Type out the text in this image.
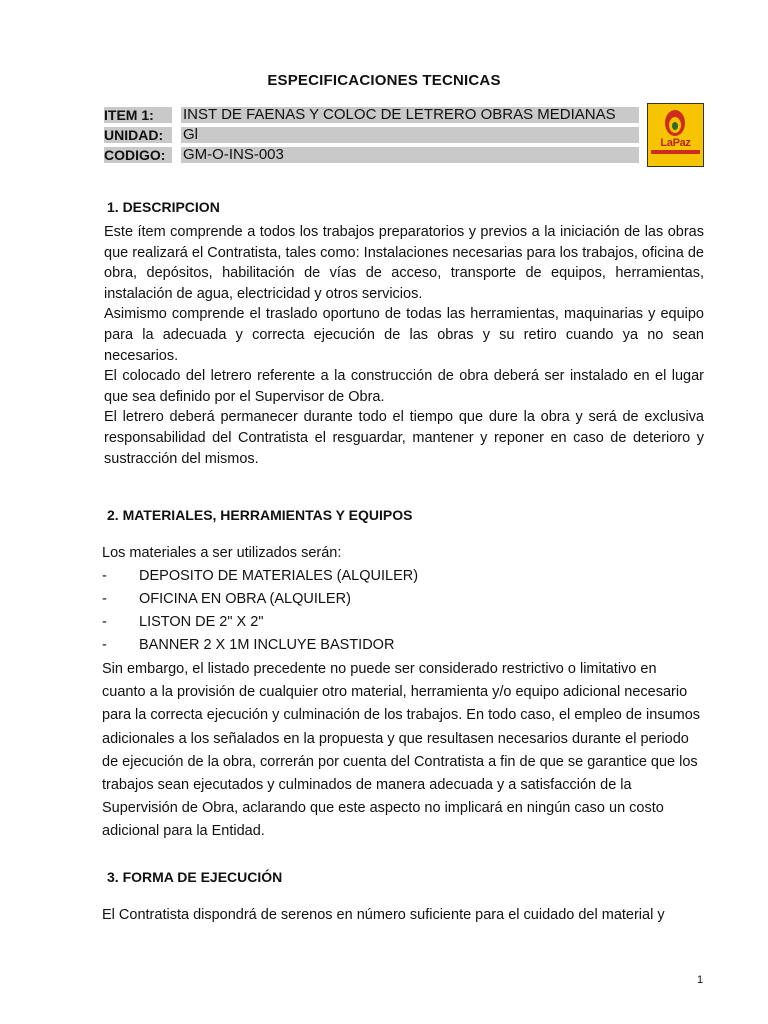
ESPECIFICACIONES TECNICAS
ITEM 1:	INST DE FAENAS Y COLOC DE LETRERO OBRAS MEDIANAS
UNIDAD:	Gl
CODIGO:	GM-O-INS-003
LaPaz
1. DESCRIPCION
Este ítem comprende a todos los trabajos preparatorios y previos a la iniciación de las obras que realizará el Contratista, tales como: Instalaciones necesarias para los trabajos, oficina de obra, depósitos, habilitación de vías de acceso, transporte de equipos, herramientas, instalación de agua, electricidad y otros servicios.
Asimismo comprende el traslado oportuno de todas las herramientas, maquinarias y equipo para la adecuada y correcta ejecución de las obras y su retiro cuando ya no sean necesarios.
El colocado del letrero referente a la construcción de obra deberá ser instalado en el lugar que sea definido por el Supervisor de Obra.
El letrero deberá permanecer durante todo el tiempo que dure la obra y será de exclusiva responsabilidad del Contratista el resguardar, mantener y reponer en caso de deterioro y sustracción del mismos.
2. MATERIALES, HERRAMIENTAS Y EQUIPOS
Los materiales a ser utilizados serán:
- DEPOSITO DE MATERIALES (ALQUILER)
- OFICINA EN OBRA (ALQUILER)
- LISTON DE 2" X 2"
- BANNER 2 X 1M INCLUYE BASTIDOR
Sin embargo, el listado precedente no puede ser considerado restrictivo o limitativo en cuanto a la provisión de cualquier otro material, herramienta y/o equipo adicional necesario para la correcta ejecución y culminación de los trabajos. En todo caso, el empleo de insumos adicionales a los señalados en la propuesta y que resultasen necesarios durante el periodo de ejecución de la obra, correrán por cuenta del Contratista a fin de que se garantice que los trabajos sean ejecutados y culminados de manera adecuada y a satisfacción de la Supervisión de Obra, aclarando que este aspecto no implicará en ningún caso un costo adicional para la Entidad.
3. FORMA DE EJECUCIÓN
El Contratista dispondrá de serenos en número suficiente para el cuidado del material y
1
